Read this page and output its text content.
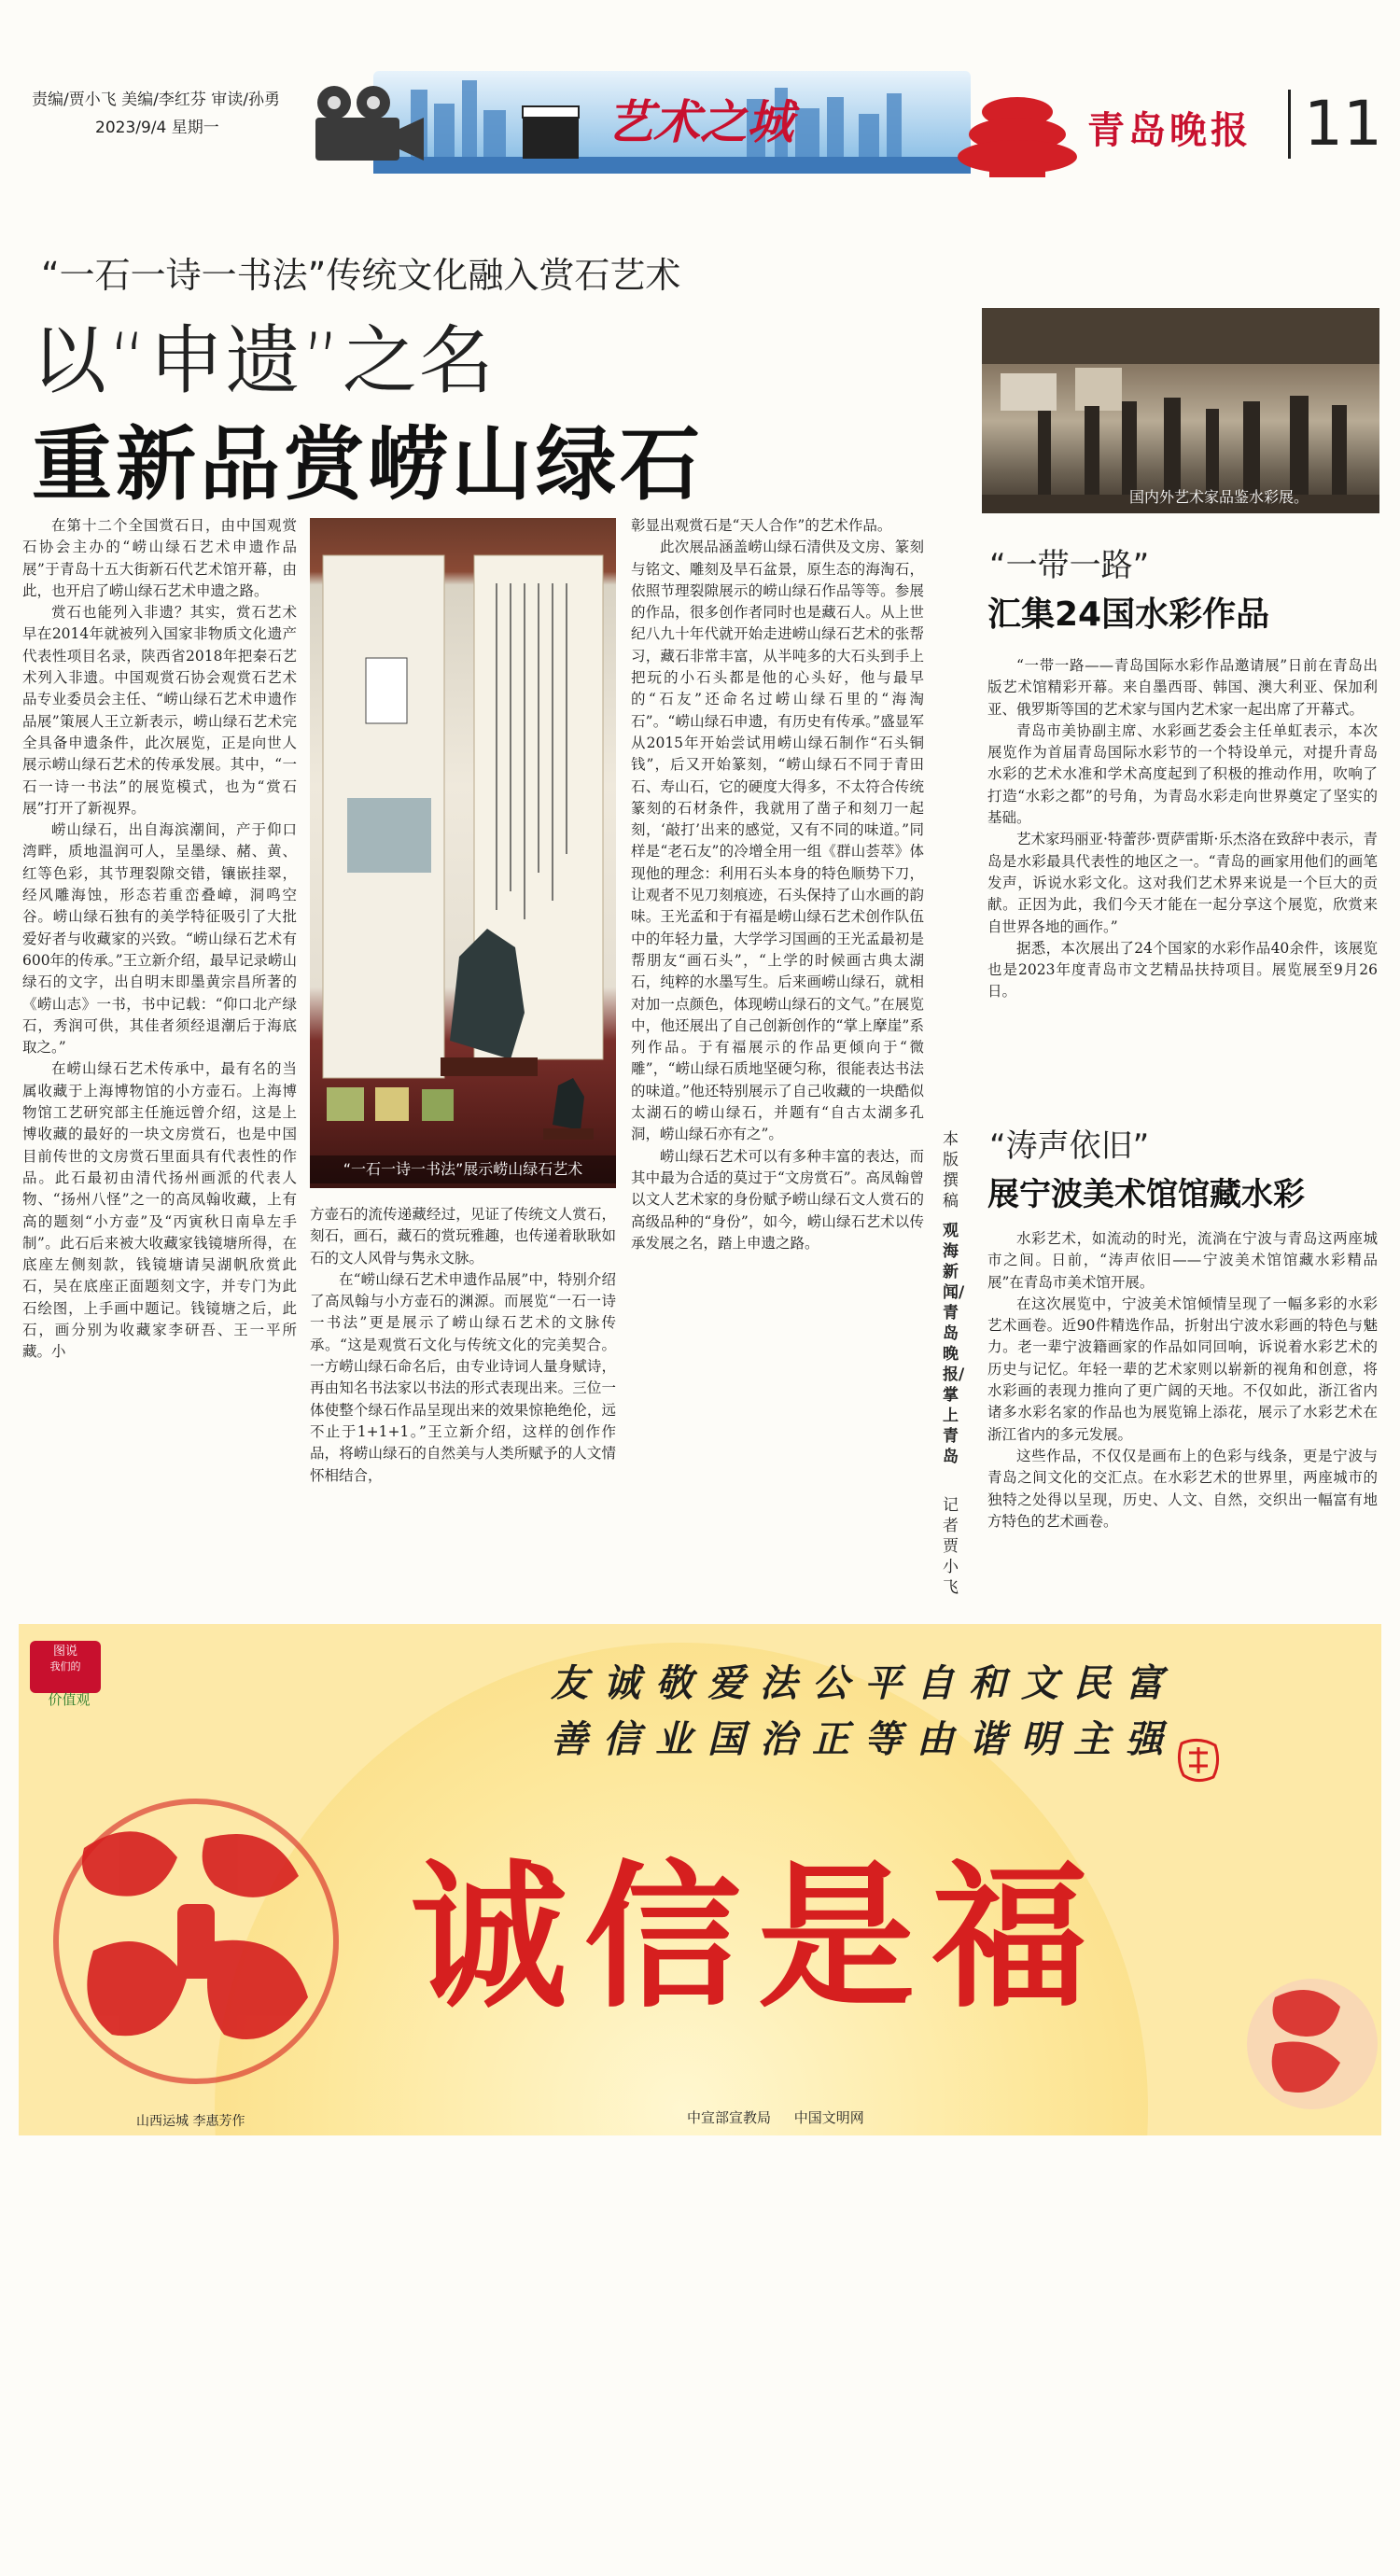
责编/贾小飞 美编/李红芬 审读/孙勇
2023/9/4 星期一	艺术之城	青岛晚报 11
“一石一诗一书法”传统文化融入赏石艺术
以“申遗”之名
重新品赏崂山绿石

在第十二个全国赏石日，由中国观赏石协会主办的“崂山绿石艺术申遗作品展”于青岛十五大街新石代艺术馆开幕，由此，也开启了崂山绿石艺术申遗之路。

赏石也能列入非遗？其实，赏石艺术早在2014年就被列入国家非物质文化遗产代表性项目名录，陕西省2018年把秦石艺术列入非遗。中国观赏石协会观赏石艺术品专业委员会主任、“崂山绿石艺术申遗作品展”策展人王立新表示，崂山绿石艺术完全具备申遗条件，此次展览，正是向世人展示崂山绿石艺术的传承发展。其中，“一石一诗一书法”的展览模式，也为“赏石展”打开了新视界。

崂山绿石，出自海滨潮间，产于仰口湾畔，质地温润可人，呈墨绿、赭、黄、红等色彩，其节理裂隙交错，镶嵌挂翠，经风雕海蚀，形态若重峦叠嶂，洞鸣空谷。崂山绿石独有的美学特征吸引了大批爱好者与收藏家的兴致。“崂山绿石艺术有600年的传承。”王立新介绍，最早记录崂山绿石的文字，出自明末即墨黄宗昌所著的《崂山志》一书，书中记载：“仰口北产绿石，秀润可供，其佳者须经退潮后于海底取之。”

在崂山绿石艺术传承中，最有名的当属收藏于上海博物馆的小方壶石。上海博物馆工艺研究部主任施远曾介绍，这是上博收藏的最好的一块文房赏石，也是中国目前传世的文房赏石里面具有代表性的作品。此石最初由清代扬州画派的代表人物、“扬州八怪”之一的高凤翰收藏，上有高的题刻“小方壶”及“丙寅秋日南阜左手制”。此石后来被大收藏家钱镜塘所得，在底座左侧刻款，钱镜塘请吴湖帆欣赏此石，吴在底座正面题刻文字，并专门为此石绘图，上手画中题记。钱镜塘之后，此石，画分别为收藏家李研吾、王一平所藏。小

“一石一诗一书法”展示崂山绿石艺术

方壶石的流传递藏经过，见证了传统文人赏石，刻石，画石，藏石的赏玩雅趣，也传递着耿耿如石的文人风骨与隽永文脉。

在“崂山绿石艺术申遗作品展”中，特别介绍了高凤翰与小方壶石的渊源。而展览“一石一诗一书法”更是展示了崂山绿石艺术的文脉传承。“这是观赏石文化与传统文化的完美契合。一方崂山绿石命名后，由专业诗词人量身赋诗，再由知名书法家以书法的形式表现出来。三位一体使整个绿石作品呈现出来的效果惊艳绝伦，远不止于1+1+1。”王立新介绍，这样的创作作品，将崂山绿石的自然美与人类所赋予的人文情怀相结合，

彰显出观赏石是“天人合作”的艺术作品。

此次展品涵盖崂山绿石清供及文房、篆刻与铭文、雕刻及旱石盆景，原生态的海淘石，依照节理裂隙展示的崂山绿石作品等等。参展的作品，很多创作者同时也是藏石人。从上世纪八九十年代就开始走进崂山绿石艺术的张帮习，藏石非常丰富，从半吨多的大石头到手上把玩的小石头都是他的心头好，他与最早的“石友”还命名过崂山绿石里的“海淘石”。“崂山绿石申遗，有历史有传承。”盛显军从2015年开始尝试用崂山绿石制作“石头铜钱”，后又开始篆刻，“崂山绿石不同于青田石、寿山石，它的硬度大得多，不太符合传统篆刻的石材条件，我就用了凿子和刻刀一起刻，‘敲打’出来的感觉，又有不同的味道。”同样是“老石友”的冷增全用一组《群山荟萃》体现他的理念：利用石头本身的特色顺势下刀，让观者不见刀刻痕迹，石头保持了山水画的韵味。王光孟和于有福是崂山绿石艺术创作队伍中的年轻力量，大学学习国画的王光孟最初是帮朋友“画石头”，“上学的时候画古典太湖石，纯粹的水墨写生。后来画崂山绿石，就相对加一点颜色，体现崂山绿石的文气。”在展览中，他还展出了自己创新创作的“掌上摩崖”系列作品。于有福展示的作品更倾向于“微雕”，“崂山绿石质地坚硬匀称，很能表达书法的味道。”他还特别展示了自己收藏的一块酷似太湖石的崂山绿石，并题有“自古太湖多孔洞，崂山绿石亦有之”。

崂山绿石艺术可以有多种丰富的表达，而其中最为合适的莫过于“文房赏石”。高凤翰曾以文人艺术家的身份赋予崂山绿石文人赏石的高级品种的“身份”，如今，崂山绿石艺术以传承发展之名，踏上申遗之路。

国内外艺术家品鉴水彩展。
“一带一路”
汇集24国水彩作品

“一带一路——青岛国际水彩作品邀请展”日前在青岛出版艺术馆精彩开幕。来自墨西哥、韩国、澳大利亚、保加利亚、俄罗斯等国的艺术家与国内艺术家一起出席了开幕式。

青岛市美协副主席、水彩画艺委会主任单虹表示，本次展览作为首届青岛国际水彩节的一个特设单元，对提升青岛水彩的艺术水准和学术高度起到了积极的推动作用，吹响了打造“水彩之都”的号角，为青岛水彩走向世界奠定了坚实的基础。

艺术家玛丽亚·特蕾莎·贾萨雷斯·乐杰洛在致辞中表示，青岛是水彩最具代表性的地区之一。“青岛的画家用他们的画笔发声，诉说水彩文化。这对我们艺术界来说是一个巨大的贡献。正因为此，我们今天才能在一起分享这个展览，欣赏来自世界各地的画作。”

据悉，本次展出了24个国家的水彩作品40余件，该展览也是2023年度青岛市文艺精品扶持项目。展览展至9月26日。

本版撰稿
观海新闻/青岛晚报/掌上青岛
记者 贾小飞
“涛声依旧”
展宁波美术馆馆藏水彩

水彩艺术，如流动的时光，流淌在宁波与青岛这两座城市之间。日前，“涛声依旧——宁波美术馆馆藏水彩精品展”在青岛市美术馆开展。

在这次展览中，宁波美术馆倾情呈现了一幅多彩的水彩艺术画卷。近90件精选作品，折射出宁波水彩画的特色与魅力。老一辈宁波籍画家的作品如同回响，诉说着水彩艺术的历史与记忆。年轻一辈的艺术家则以崭新的视角和创意，将水彩画的表现力推向了更广阔的天地。不仅如此，浙江省内诸多水彩名家的作品也为展览锦上添花，展示了水彩艺术在浙江省内的多元发展。

这些作品，不仅仅是画布上的色彩与线条，更是宁波与青岛之间文化的交汇点。在水彩艺术的世界里，两座城市的独特之处得以呈现，历史、人文、自然，交织出一幅富有地方特色的艺术画卷。

图说
我们的
价值观	友诚敬爱法公平自和文民富
善信业国治正等由谐明主强
诚信是福
山西运城 李惠芳作	中宣部宣教局 中国文明网
